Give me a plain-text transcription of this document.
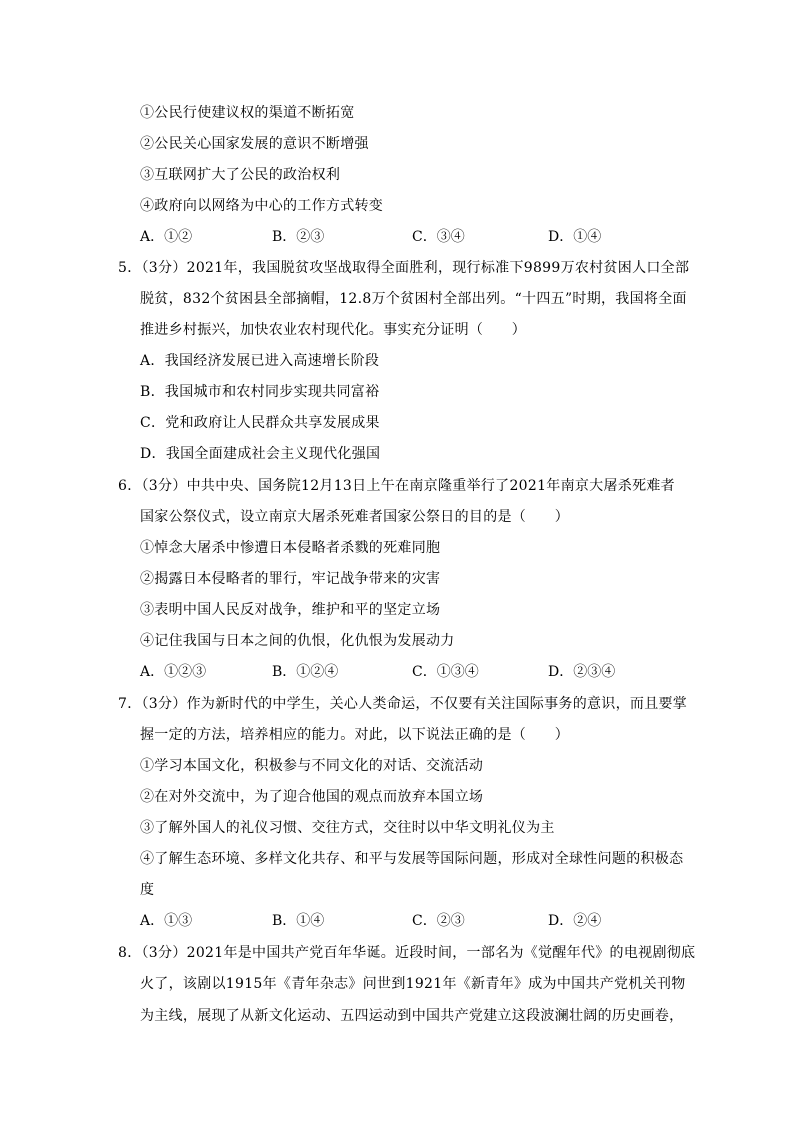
①公民行使建议权的渠道不断拓宽
②公民关心国家发展的意识不断增强
③互联网扩大了公民的政治权利
④政府向以网络为中心的工作方式转变
A．①②	B．②③	C．③④	D．①④
5．（3分）2021年，我国脱贫攻坚战取得全面胜利，现行标准下9899万农村贫困人口全部
脱贫，832个贫困县全部摘帽，12.8万个贫困村全部出列。“十四五”时期，我国将全面
推进乡村振兴，加快农业农村现代化。事实充分证明（　　）
A．我国经济发展已进入高速增长阶段
B．我国城市和农村同步实现共同富裕
C．党和政府让人民群众共享发展成果
D．我国全面建成社会主义现代化强国
6．（3分）中共中央、国务院12月13日上午在南京隆重举行了2021年南京大屠杀死难者
国家公祭仪式，设立南京大屠杀死难者国家公祭日的目的是（　　）
①悼念大屠杀中惨遭日本侵略者杀戮的死难同胞
②揭露日本侵略者的罪行，牢记战争带来的灾害
③表明中国人民反对战争，维护和平的坚定立场
④记住我国与日本之间的仇恨，化仇恨为发展动力
A．①②③	B．①②④	C．①③④	D．②③④
7．（3分）作为新时代的中学生，关心人类命运，不仅要有关注国际事务的意识，而且要掌
握一定的方法，培养相应的能力。对此，以下说法正确的是（　　）
①学习本国文化，积极参与不同文化的对话、交流活动
②在对外交流中，为了迎合他国的观点而放弃本国立场
③了解外国人的礼仪习惯、交往方式，交往时以中华文明礼仪为主
④了解生态环境、多样文化共存、和平与发展等国际问题，形成对全球性问题的积极态
度
A．①③	B．①④	C．②③	D．②④
8．（3分）2021年是中国共产党百年华诞。近段时间，一部名为《觉醒年代》的电视剧彻底
火了，该剧以1915年《青年杂志》问世到1921年《新青年》成为中国共产党机关刊物
为主线，展现了从新文化运动、五四运动到中国共产党建立这段波澜壮阔的历史画卷，
